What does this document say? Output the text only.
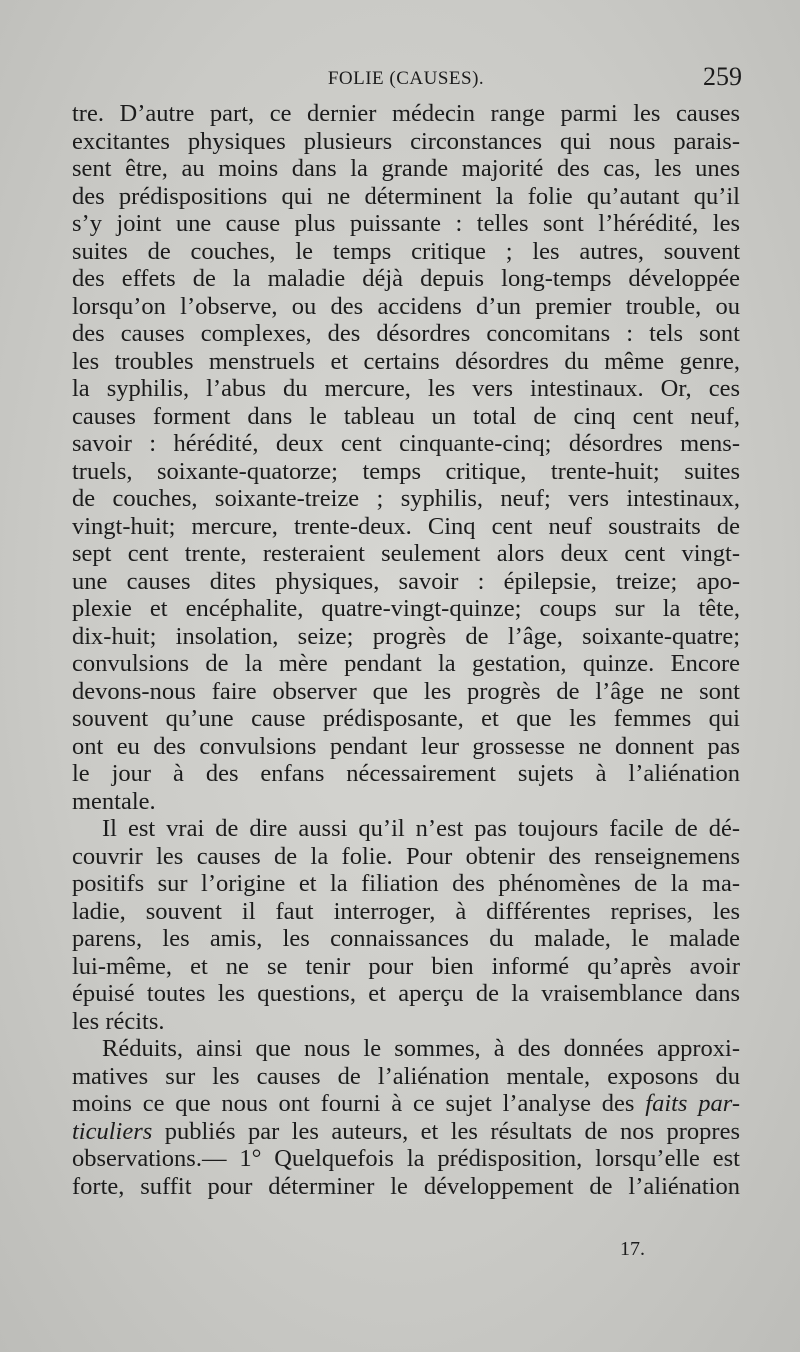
FOLIE (CAUSES).	259
tre. D’autre part, ce dernier médecin range parmi les causes
excitantes physiques plusieurs circonstances qui nous parais-
sent être, au moins dans la grande majorité des cas, les unes
des prédispositions qui ne déterminent la folie qu’autant qu’il
s’y joint une cause plus puissante : telles sont l’hérédité, les
suites de couches, le temps critique ; les autres, souvent
des effets de la maladie déjà depuis long-temps développée
lorsqu’on l’observe, ou des accidens d’un premier trouble, ou
des causes complexes, des désordres concomitans : tels sont
les troubles menstruels et certains désordres du même genre,
la syphilis, l’abus du mercure, les vers intestinaux. Or, ces
causes forment dans le tableau un total de cinq cent neuf,
savoir : hérédité, deux cent cinquante-cinq; désordres mens-
truels, soixante-quatorze; temps critique, trente-huit; suites
de couches, soixante-treize ; syphilis, neuf; vers intestinaux,
vingt-huit; mercure, trente-deux. Cinq cent neuf soustraits de
sept cent trente, resteraient seulement alors deux cent vingt-
une causes dites physiques, savoir : épilepsie, treize; apo-
plexie et encéphalite, quatre-vingt-quinze; coups sur la tête,
dix-huit; insolation, seize; progrès de l’âge, soixante-quatre;
convulsions de la mère pendant la gestation, quinze. Encore
devons-nous faire observer que les progrès de l’âge ne sont
souvent qu’une cause prédisposante, et que les femmes qui
ont eu des convulsions pendant leur grossesse ne donnent pas
le jour à des enfans nécessairement sujets à l’aliénation
mentale.
Il est vrai de dire aussi qu’il n’est pas toujours facile de dé-
couvrir les causes de la folie. Pour obtenir des renseignemens
positifs sur l’origine et la filiation des phénomènes de la ma-
ladie, souvent il faut interroger, à différentes reprises, les
parens, les amis, les connaissances du malade, le malade
lui-même, et ne se tenir pour bien informé qu’après avoir
épuisé toutes les questions, et aperçu de la vraisemblance dans
les récits.
Réduits, ainsi que nous le sommes, à des données approxi-
matives sur les causes de l’aliénation mentale, exposons du
moins ce que nous ont fourni à ce sujet l’analyse des faits par-
ticuliers publiés par les auteurs, et les résultats de nos propres
observations.— 1° Quelquefois la prédisposition, lorsqu’elle est
forte, suffit pour déterminer le développement de l’aliénation
17.
